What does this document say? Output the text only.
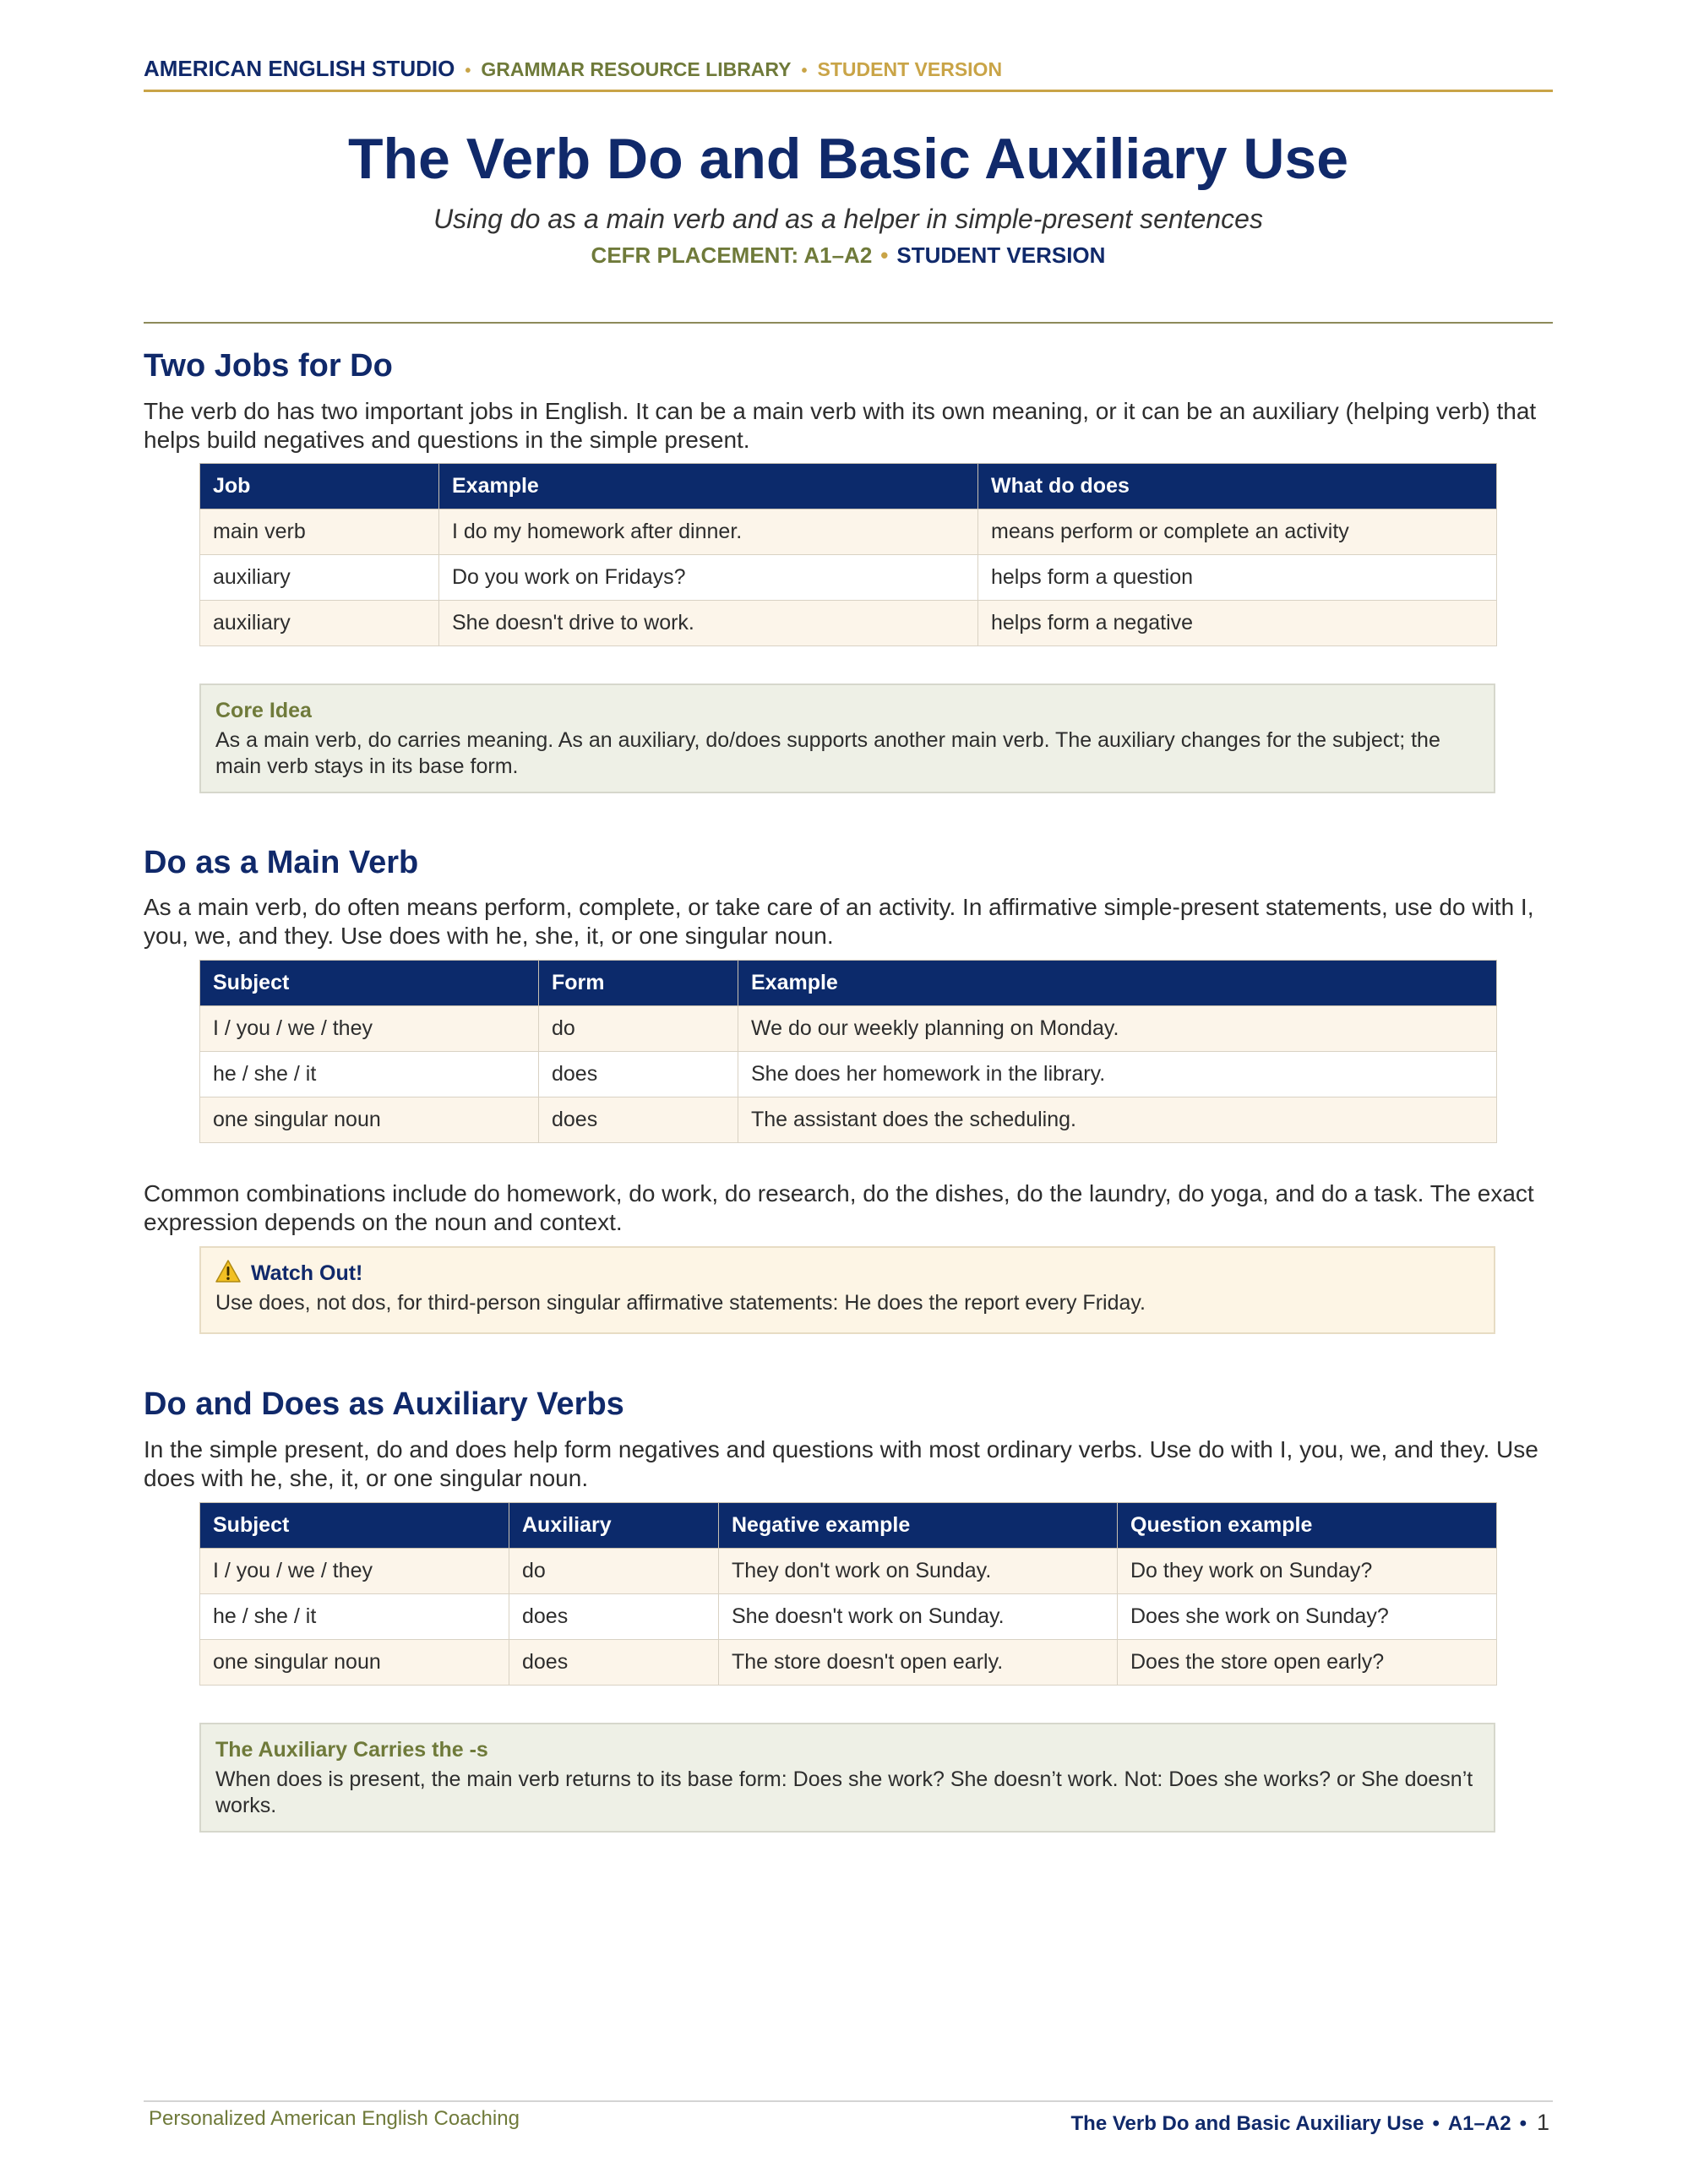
AMERICAN ENGLISH STUDIO • GRAMMAR RESOURCE LIBRARY • STUDENT VERSION
The Verb Do and Basic Auxiliary Use
Using do as a main verb and as a helper in simple-present sentences
CEFR PLACEMENT: A1–A2 • STUDENT VERSION
Two Jobs for Do

The verb do has two important jobs in English. It can be a main verb with its own meaning, or it can be an auxiliary (helping verb) that helps build negatives and questions in the simple present.

Job	Example	What do does
main verb	I do my homework after dinner.	means perform or complete an activity
auxiliary	Do you work on Fridays?	helps form a question
auxiliary	She doesn't drive to work.	helps form a negative
Core Idea
As a main verb, do carries meaning. As an auxiliary, do/does supports another main verb. The auxiliary changes for the subject; the main verb stays in its base form.
Do as a Main Verb

As a main verb, do often means perform, complete, or take care of an activity. In affirmative simple-present statements, use do with I, you, we, and they. Use does with he, she, it, or one singular noun.

Subject	Form	Example
I / you / we / they	do	We do our weekly planning on Monday.
he / she / it	does	She does her homework in the library.
one singular noun	does	The assistant does the scheduling.

Common combinations include do homework, do work, do research, do the dishes, do the laundry, do yoga, and do a task. The exact expression depends on the noun and context.

Watch Out!
Use does, not dos, for third-person singular affirmative statements: He does the report every Friday.
Do and Does as Auxiliary Verbs

In the simple present, do and does help form negatives and questions with most ordinary verbs. Use do with I, you, we, and they. Use does with he, she, it, or one singular noun.

Subject	Auxiliary	Negative example	Question example
I / you / we / they	do	They don't work on Sunday.	Do they work on Sunday?
he / she / it	does	She doesn't work on Sunday.	Does she work on Sunday?
one singular noun	does	The store doesn't open early.	Does the store open early?
The Auxiliary Carries the -s
When does is present, the main verb returns to its base form: Does she work? She doesn’t work. Not: Does she works? or She doesn’t works.
Personalized American English Coaching	The Verb Do and Basic Auxiliary Use • A1–A2 • 1
